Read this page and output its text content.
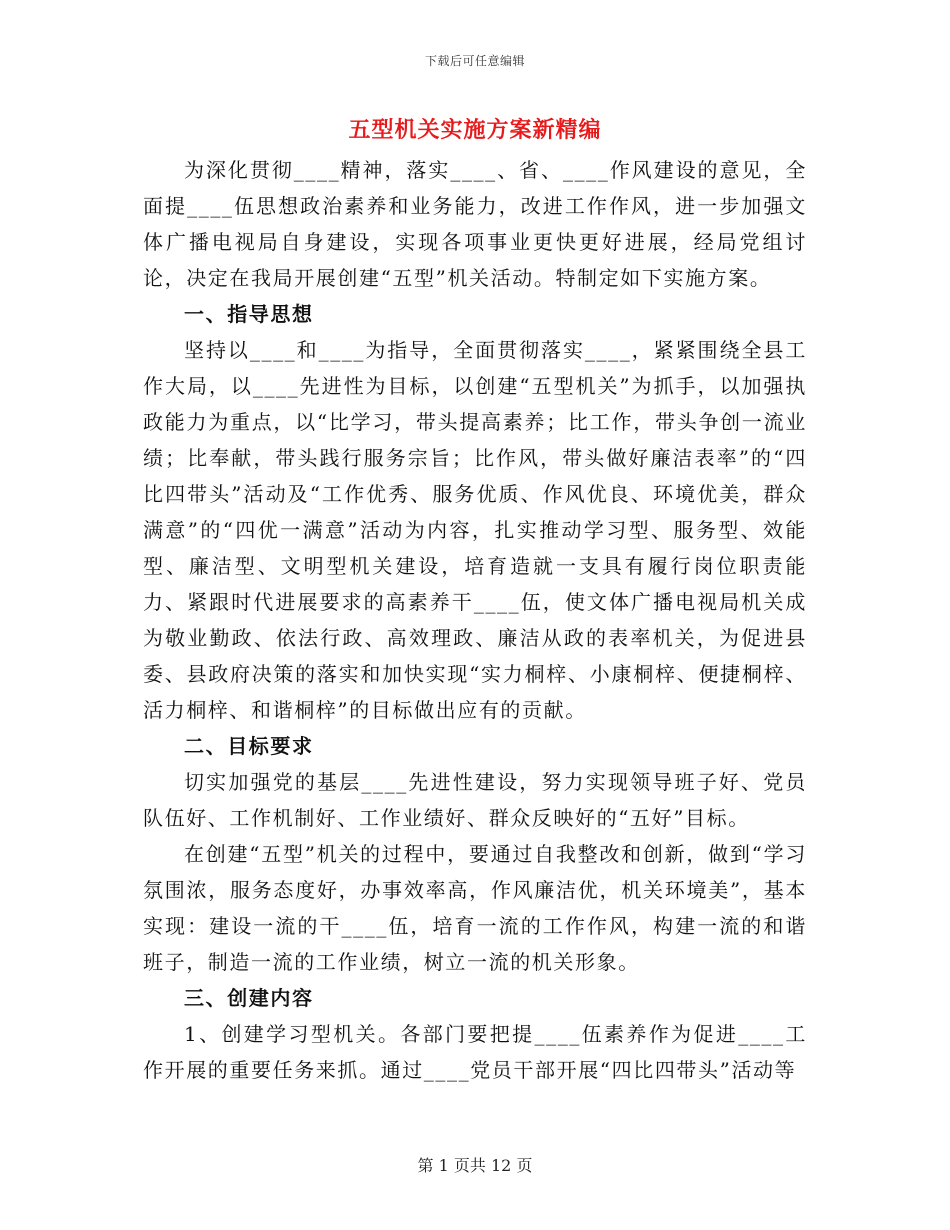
下载后可任意编辑
五型机关实施方案新精编

为深化贯彻____精神，落实____、省、____作风建设的意见，全面提____伍思想政治素养和业务能力，改进工作作风，进一步加强文体广播电视局自身建设，实现各项事业更快更好进展，经局党组讨论，决定在我局开展创建“五型”机关活动。特制定如下实施方案。

一、指导思想

坚持以____和____为指导，全面贯彻落实____，紧紧围绕全县工作大局，以____先进性为目标，以创建“五型机关”为抓手，以加强执政能力为重点，以“比学习，带头提高素养；比工作，带头争创一流业绩；比奉献，带头践行服务宗旨；比作风，带头做好廉洁表率”的“四比四带头”活动及“工作优秀、服务优质、作风优良、环境优美，群众满意”的“四优一满意”活动为内容，扎实推动学习型、服务型、效能型、廉洁型、文明型机关建设，培育造就一支具有履行岗位职责能力、紧跟时代进展要求的高素养干____伍，使文体广播电视局机关成为敬业勤政、依法行政、高效理政、廉洁从政的表率机关，为促进县委、县政府决策的落实和加快实现“实力桐梓、小康桐梓、便捷桐梓、活力桐梓、和谐桐梓”的目标做出应有的贡献。

二、目标要求

切实加强党的基层____先进性建设，努力实现领导班子好、党员队伍好、工作机制好、工作业绩好、群众反映好的“五好”目标。

在创建“五型”机关的过程中，要通过自我整改和创新，做到“学习氛围浓，服务态度好，办事效率高，作风廉洁优，机关环境美”，基本实现：建设一流的干____伍，培育一流的工作作风，构建一流的和谐班子，制造一流的工作业绩，树立一流的机关形象。

三、创建内容

1、创建学习型机关。各部门要把提____伍素养作为促进____工作开展的重要任务来抓。通过____党员干部开展“四比四带头”活动等

第 1 页共 12 页
